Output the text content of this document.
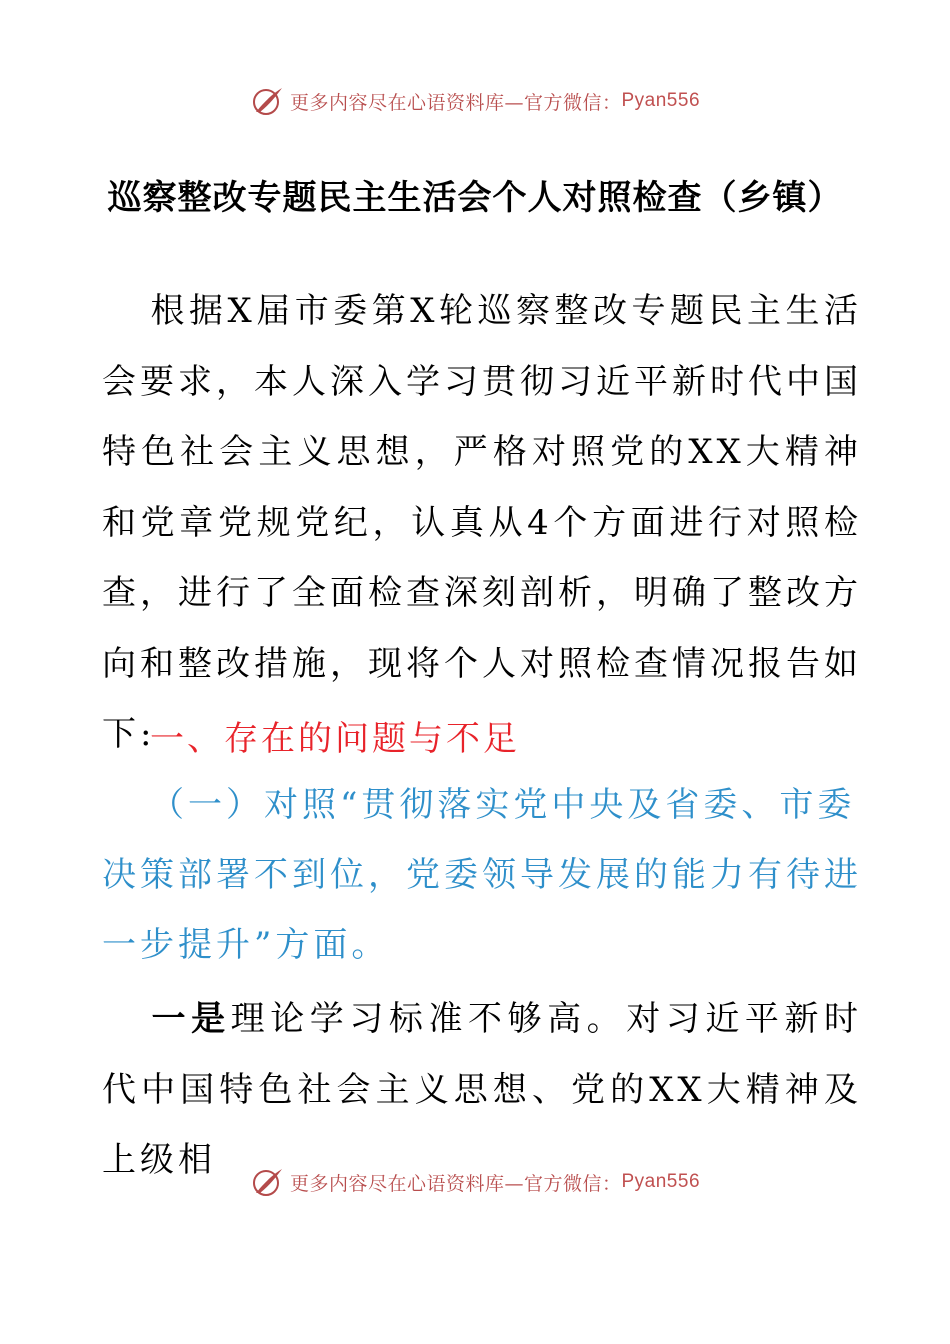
更多内容尽在心语资料库—官方微信： Pyan556
巡察整改专题民主生活会个人对照检查（乡镇）
根据X届市委第X轮巡察整改专题民主生活会要求，本人深入学习贯彻习近平新时代中国特色社会主义思想，严格对照党的XX大精神和党章党规党纪，认真从4个方面进行对照检查，进行了全面检查深刻剖析，明确了整改方向和整改措施，现将个人对照检查情况报告如下:
一、存在的问题与不足
（一）对照“贯彻落实党中央及省委、市委决策部署不到位，党委领导发展的能力有待进一步提升”方面。
一是理论学习标准不够高。对习近平新时代中国特色社会主义思想、党的XX大精神及上级相
更多内容尽在心语资料库—官方微信： Pyan556
